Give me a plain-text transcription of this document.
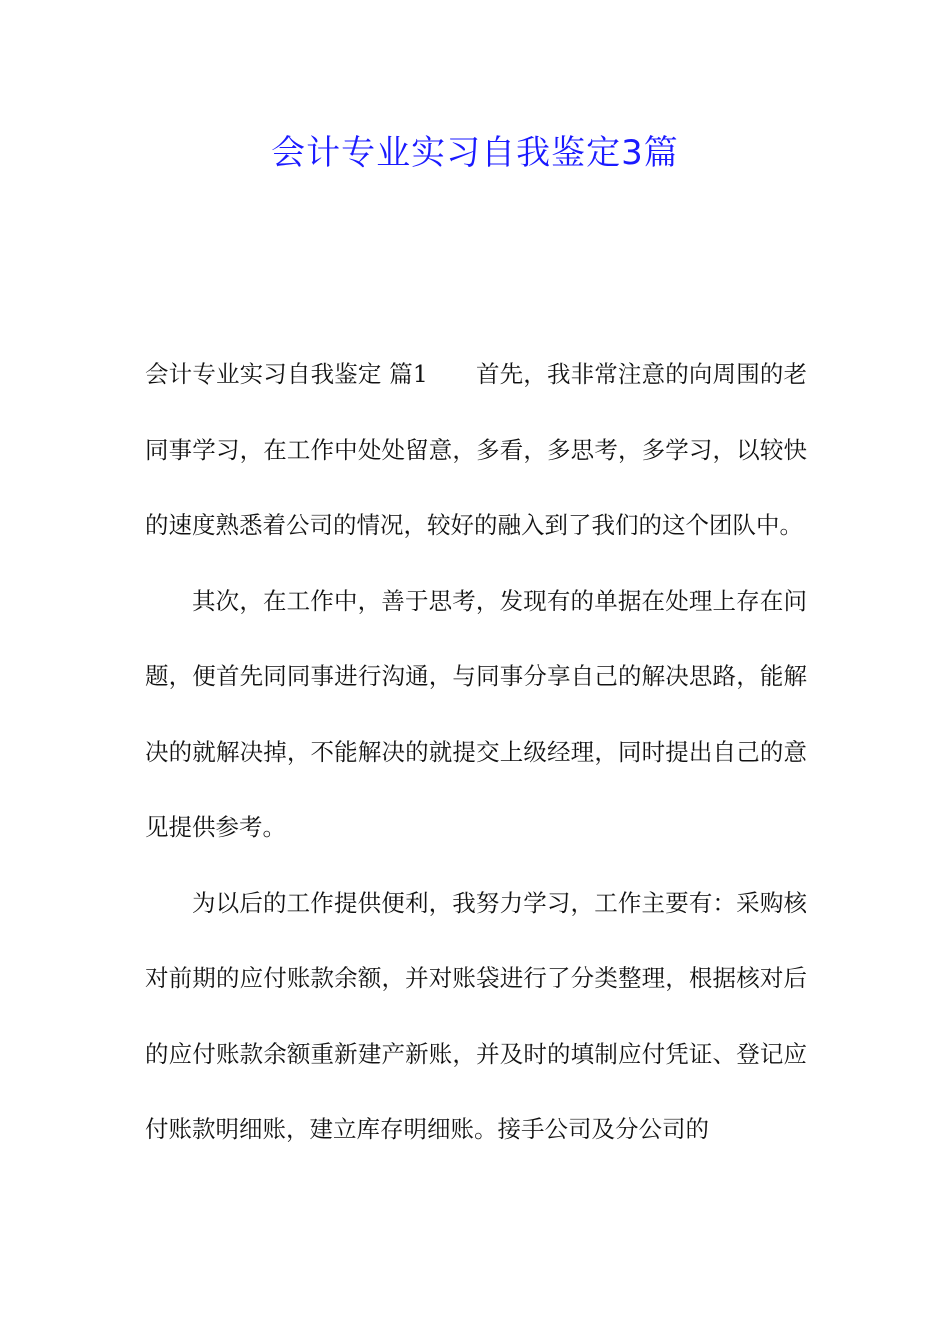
会计专业实习自我鉴定3篇

会计专业实习自我鉴定 篇1 首先，我非常注意的向周围的老同事学习，在工作中处处留意，多看，多思考，多学习，以较快的速度熟悉着公司的情况，较好的融入到了我们的这个团队中。

其次，在工作中，善于思考，发现有的单据在处理上存在问题，便首先同同事进行沟通，与同事分享自己的解决思路，能解决的就解决掉，不能解决的就提交上级经理，同时提出自己的意见提供参考。

为以后的工作提供便利，我努力学习，工作主要有：采购核对前期的应付账款余额，并对账袋进行了分类整理，根据核对后的应付账款余额重新建产新账，并及时的填制应付凭证、登记应付账款明细账，建立库存明细账。接手公司及分公司的
